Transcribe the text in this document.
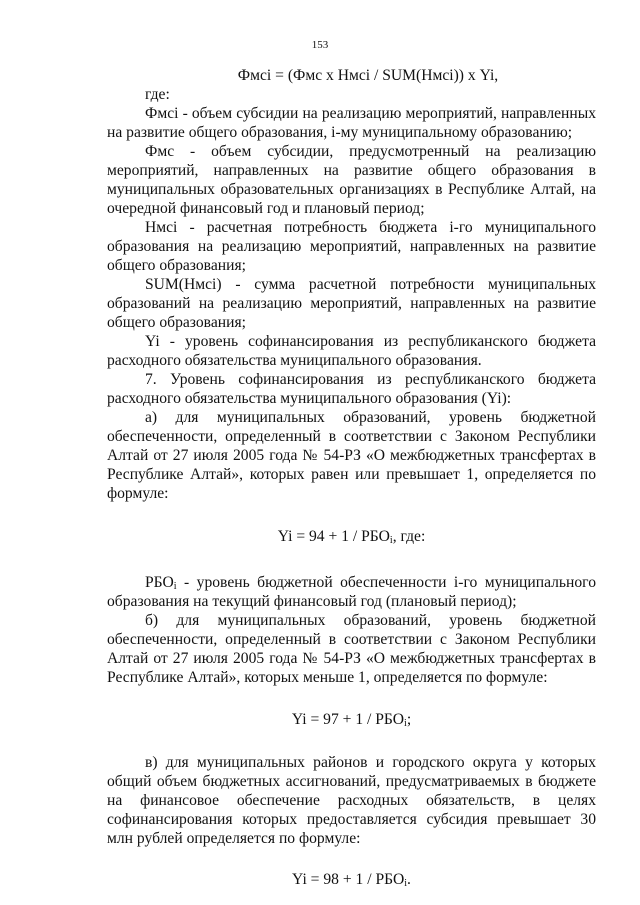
153
Фмсi = (Фмс х Нмсi / SUM(Нмсi)) х Yi,

где:

Фмсi - объем субсидии на реализацию мероприятий, направленных на развитие общего образования, i-му муниципальному образованию;

Фмс - объем субсидии, предусмотренный на реализацию мероприятий, направленных на развитие общего образования в муниципальных образовательных организациях в Республике Алтай, на очередной финансовый год и плановый период;

Нмсi - расчетная потребность бюджета i-го муниципального образования на реализацию мероприятий, направленных на развитие общего образования;

SUM(Нмсi) - сумма расчетной потребности муниципальных образований на реализацию мероприятий, направленных на развитие общего образования;

Yi - уровень софинансирования из республиканского бюджета расходного обязательства муниципального образования.

7. Уровень софинансирования из республиканского бюджета расходного обязательства муниципального образования (Yi):

а) для муниципальных образований, уровень бюджетной обеспеченности, определенный в соответствии с Законом Республики Алтай от 27 июля 2005 года № 54-РЗ «О межбюджетных трансфертах в Республике Алтай», которых равен или превышает 1, определяется по формуле:

$Yi = 94 + 1 / РБО_i$, где:

$РБО_i$ - уровень бюджетной обеспеченности i-го муниципального образования на текущий финансовый год (плановый период);

б) для муниципальных образований, уровень бюджетной обеспеченности, определенный в соответствии с Законом Республики Алтай от 27 июля 2005 года № 54-РЗ «О межбюджетных трансфертах в Республике Алтай», которых меньше 1, определяется по формуле:

$Yi = 97 + 1 / РБО_i$;

в) для муниципальных районов и городского округа у которых общий объем бюджетных ассигнований, предусматриваемых в бюджете на финансовое обеспечение расходных обязательств, в целях софинансирования которых предоставляется субсидия превышает 30 млн рублей определяется по формуле:

$Yi = 98 + 1 / РБО_i$.
